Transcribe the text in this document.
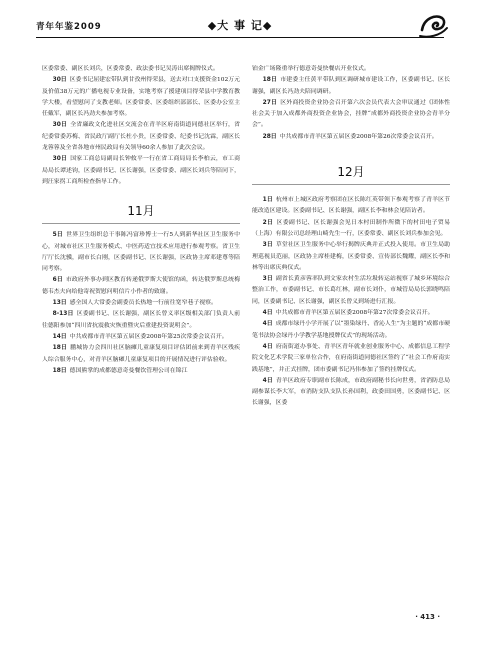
青年年鉴2009	◆大 事 记◆

区委常委、副区长刘兵，区委常委、政法委书记吴涛出席揭牌仪式。

30日  区委书记屈建宏带队到甘孜州得荣县，送去对口支援资金102万元及价值38万元的广播电视专业设备，实地考察了援建项目得荣县中学教育教学大楼，看望慰问了支教老师。区委常委、区委组织部部长、区委办公室主任戴军，副区长冯劲夫参加考察。

30日  全省廉政文化进社区交流会在青羊区府南街道同德社区举行，省纪委常委苏梅、省民政厅副厅长杜小贵，区委常委、纪委书记沈霖，副区长龙蓉蓉及全省各地市州民政局有关领导60余人参加了此次会议。

30日  国家工商总局副局长钟攸平一行在省工商局局长李柏云，市工商局局长谭述钧，区委副书记、区长谢强，区委常委、副区长刘兵等陪同下，到汪家拐工商所检查指导工作。

11月

5日  世界卫生组织总干事陈冯富珍博士一行5人到新华社区卫生服务中心，对城市社区卫生服务模式、中医药适宜技术应用进行参观考察。省卫生厅厅长沈骥，副市长白刚，区委副书记、区长谢强，区政协主席邓建尊等陪同考察。

6日  市政府外事办到区教育转递俄罗斯大使馆的函，转达俄罗斯总统梅德韦杰夫向给他寄祝贺慰问明信片小作者的致谢。

13日  感全国人大常委会副委员长热地一行前往宽窄巷子视察。

8-13日  区委副书记、区长谢强，副区长曾义率区级相关部门负责人前往德阳参加“四川省抗震救灾恢重暨灾后重建投资说明会”。

14日  中共成都市青羊区第五届区委2008年第25次常委会议召开。

18日  鹏城协力会四川社区脑瘫儿童康复项目评估团前来到青羊区残疾人综合服务中心，对青羊区脑瘫儿童康复项目的开展情况进行评估验收。

18日  德国熊掌的成都德意奇曼餐饮管理公司在锦江

铂金广场隆重举行德意奇曼快餐店开业仪式。

18日  市建委主任黄平带队到区调研城市建设工作，区委副书记、区长谢强，副区长冯劲夫陪同调研。

27日  区外商投资企业协会召开第六次会员代表大会审议通过《团体性社会关于加入成都外商投资企业协会，挂牌“成都外商投资企业协会青羊分会”。

28日  中共成都市青羊区第五届区委2008年第26次常委会议召开。

12月

1日  杭州市上城区政府考察团在区长陈红英带领下参观考察了青羊区节能改造区建设。区委副书记、区长谢强，副区长李和林会见陪访者。

2日  区委副书记、区长谢强会见日本村田制作所微下的村田电子贸易（上海）有限公司总经理山崎先生一行，区委常委、副区长刘兵参加会见。

3日  草堂社区卫生服务中心举行揭牌庆典并正式投入使用。市卫生局助理巡视员范丽，区政协主席桂建梅，区委常委、宣传部长魏耀，副区长李和林等出席庆典仪式。

3日  副省长黄彦蓉率队到文家农村生活垃圾转运站视察了城乡环境综合整治工作，市委副书记、市长葛红林，副市长刘仆，市城管局局长郭晓鸣陪同，区委副书记、区长谢强，副区长曾义到场进行汇报。

4日  中共成都市青羊区第五届区委2008年第27次常委会议召开。

4日  成都市绿丹小学开展了以“墨染绿丹、香沁人生”为主题的“成都市硬笔书法协会绿丹小学教学基地授牌仪式”的现场活动。

4日  府南街道办事处、青羊区青年就业创业服务中心、成都信息工程学院文化艺术学院三家单位合作，在府南街道同德社区签约了“社会工作府南实践基地”，并正式挂牌，团市委副书记冯伟参加了签约挂牌仪式。

4日  青羊区政府专职副市长陈成，市政府副秘书长向世勇，省消防总局副参谋长李大军，市消防支队支队长孙国利，政委田国勇，区委副书记、区长谢强，区委

· 413 ·
